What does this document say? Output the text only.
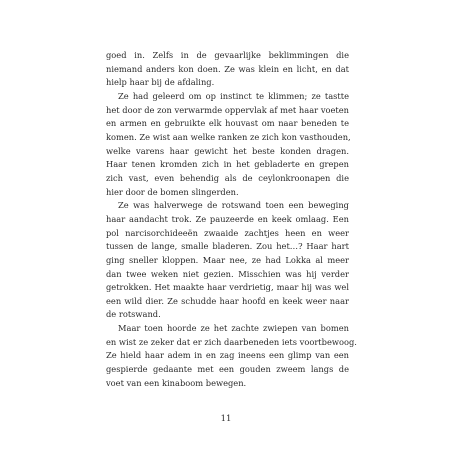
goed in. Zelfs in de gevaarlijke beklimmingen die
niemand anders kon doen. Ze was klein en licht, en dat
hielp haar bij de afdaling.
Ze had geleerd om op instinct te klimmen; ze tastte
het door de zon verwarmde oppervlak af met haar voeten
en armen en gebruikte elk houvast om naar beneden te
komen. Ze wist aan welke ranken ze zich kon vasthouden,
welke varens haar gewicht het beste konden dragen.
Haar tenen kromden zich in het gebladerte en grepen
zich vast, even behendig als de ceylonkroonapen die
hier door de bomen slingerden.
Ze was halverwege de rotswand toen een beweging
haar aandacht trok. Ze pauzeerde en keek omlaag. Een
pol narcisorchideeën zwaaide zachtjes heen en weer
tussen de lange, smalle bladeren. Zou het…? Haar hart
ging sneller kloppen. Maar nee, ze had Lokka al meer
dan twee weken niet gezien. Misschien was hij verder
getrokken. Het maakte haar verdrietig, maar hij was wel
een wild dier. Ze schudde haar hoofd en keek weer naar
de rotswand.
Maar toen hoorde ze het zachte zwiepen van bomen
en wist ze zeker dat er zich daarbeneden iets voortbewoog.
Ze hield haar adem in en zag ineens een glimp van een
gespierde gedaante met een gouden zweem langs de
voet van een kinaboom bewegen.
11
